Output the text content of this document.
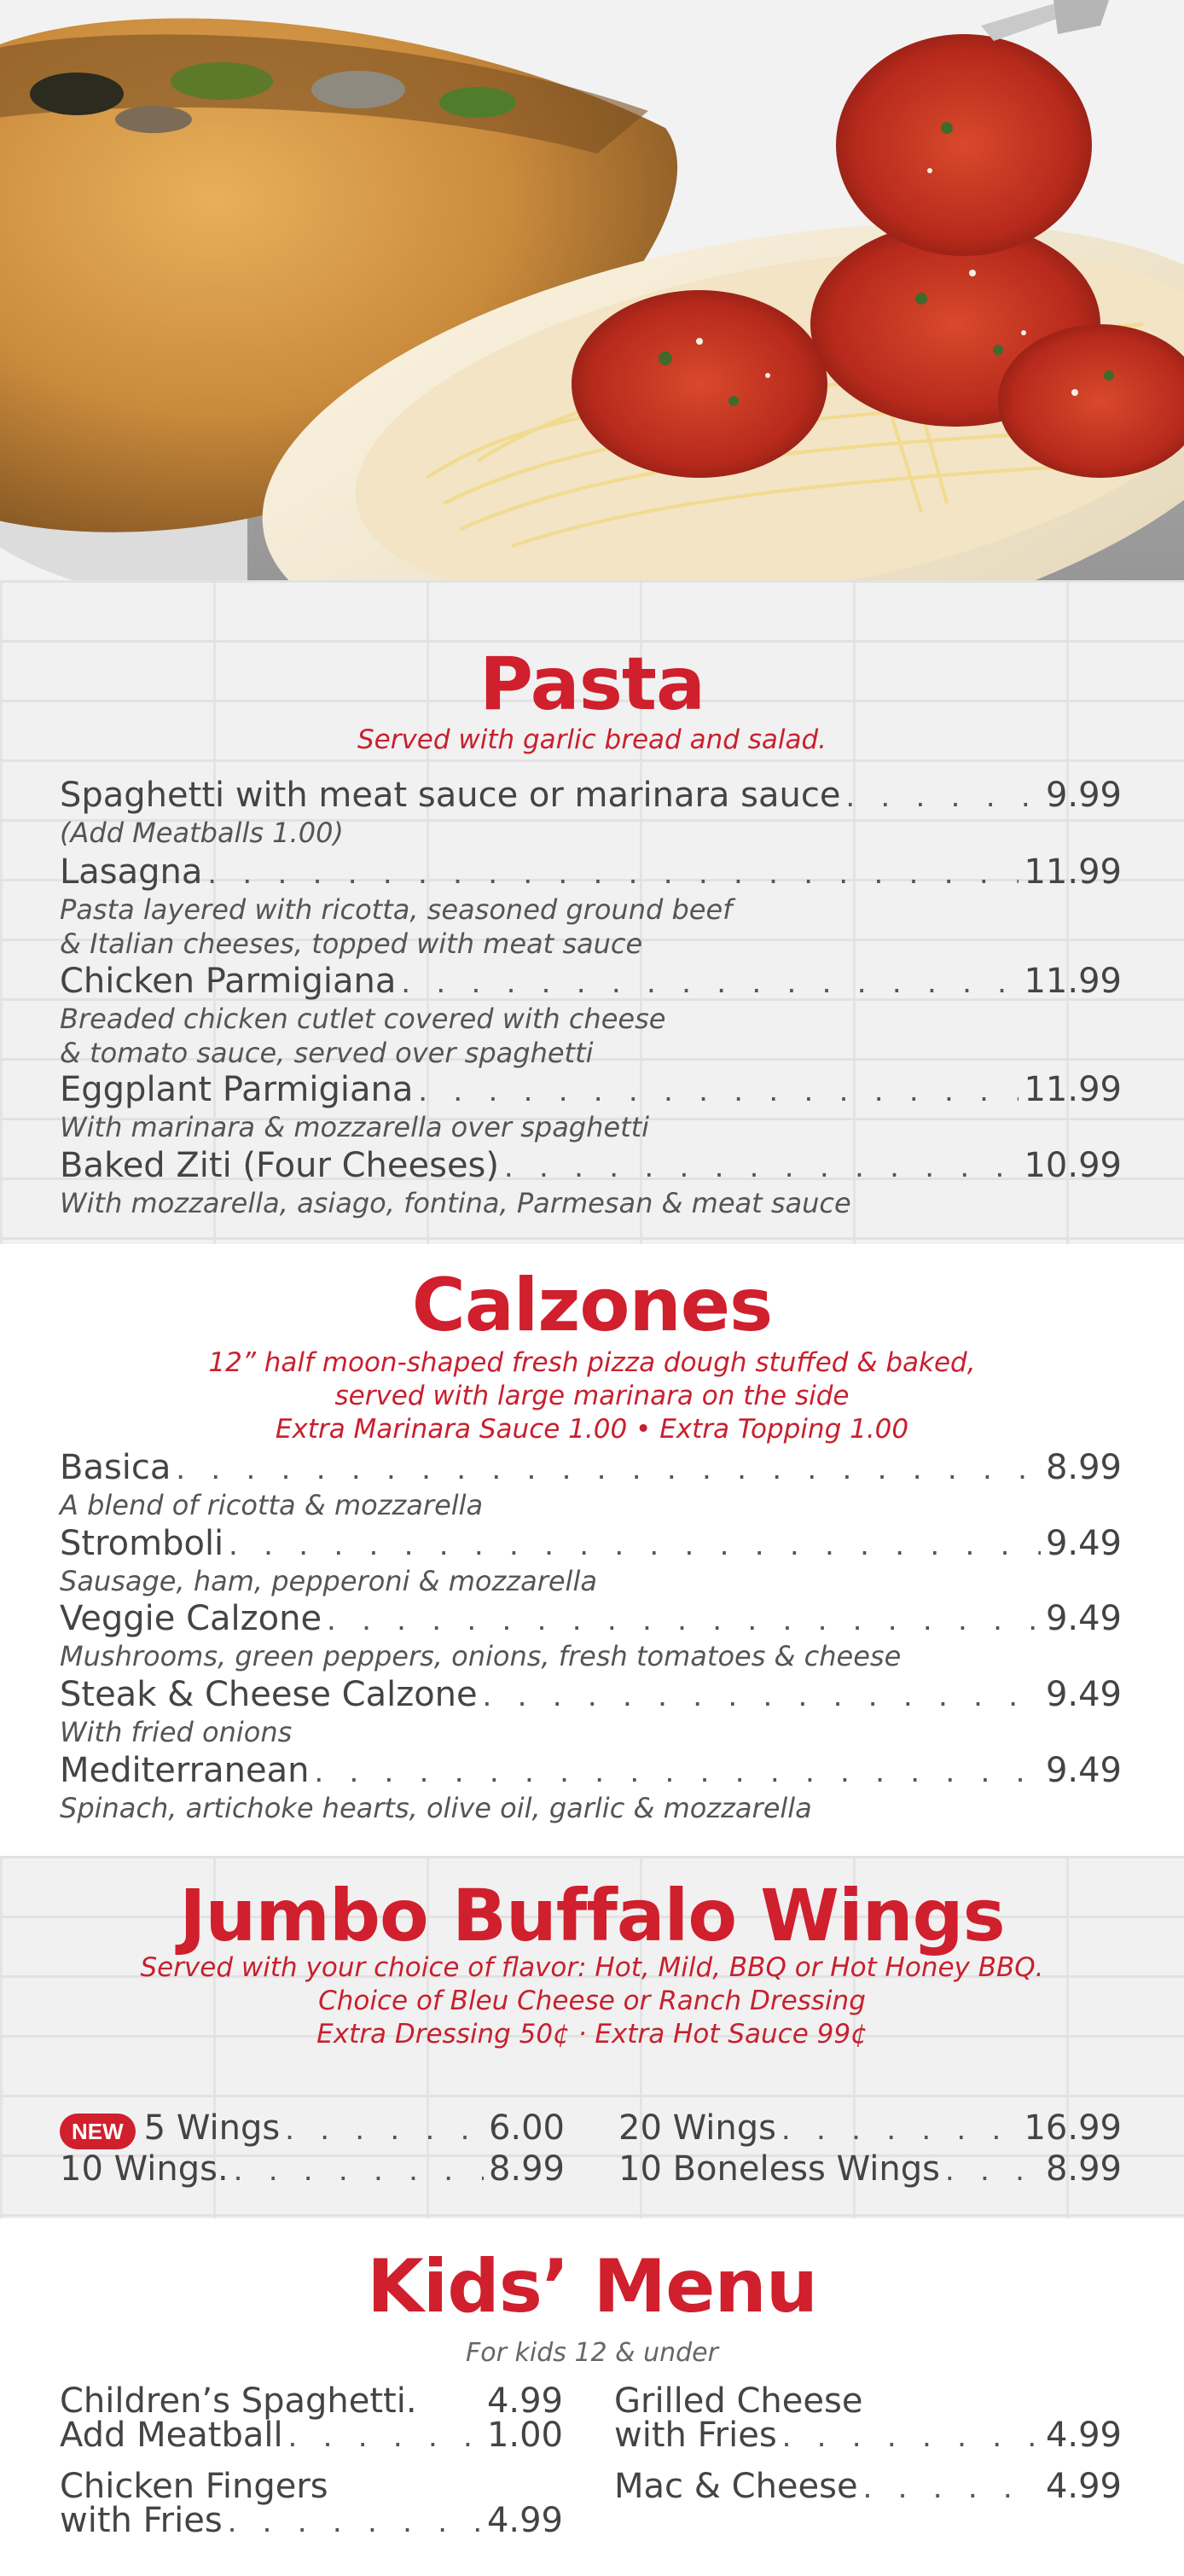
Pasta
Served with garlic bread and salad.
Spaghetti with meat sauce or marinara sauce . . .	9.99
(Add Meatballs 1.00)
Lasagna . . .	11.99
Pasta layered with ricotta, seasoned ground beef
& Italian cheeses, topped with meat sauce
Chicken Parmigiana . . .	11.99
Breaded chicken cutlet covered with cheese
& tomato sauce, served over spaghetti
Eggplant Parmigiana . . .	11.99
With marinara & mozzarella over spaghetti
Baked Ziti (Four Cheeses) . . .	10.99
With mozzarella, asiago, fontina, Parmesan & meat sauce
Calzones
12” half moon-shaped fresh pizza dough stuffed & baked,
served with large marinara on the side
Extra Marinara Sauce 1.00 • Extra Topping 1.00
Basica . . .	8.99
A blend of ricotta & mozzarella
Stromboli . . .	9.49
Sausage, ham, pepperoni & mozzarella
Veggie Calzone . . .	9.49
Mushrooms, green peppers, onions, fresh tomatoes & cheese
Steak & Cheese Calzone . . .	9.49
With fried onions
Mediterranean . . .	9.49
Spinach, artichoke hearts, olive oil, garlic & mozzarella
Jumbo Buffalo Wings
Served with your choice of flavor: Hot, Mild, BBQ or Hot Honey BBQ.
Choice of Bleu Cheese or Ranch Dressing
Extra Dressing 50¢ · Extra Hot Sauce 99¢
NEW 5 Wings . . .	6.00
10 Wings. . . .	8.99
20 Wings . . .	16.99
10 Boneless Wings . . .	8.99
Kids’ Menu
For kids 12 & under
Children’s Spaghetti. 4.99
Add Meatball . . .	1.00
Chicken Fingers
with Fries . . .	4.99
Grilled Cheese
with Fries . . .	4.99
Mac & Cheese . . .	4.99
